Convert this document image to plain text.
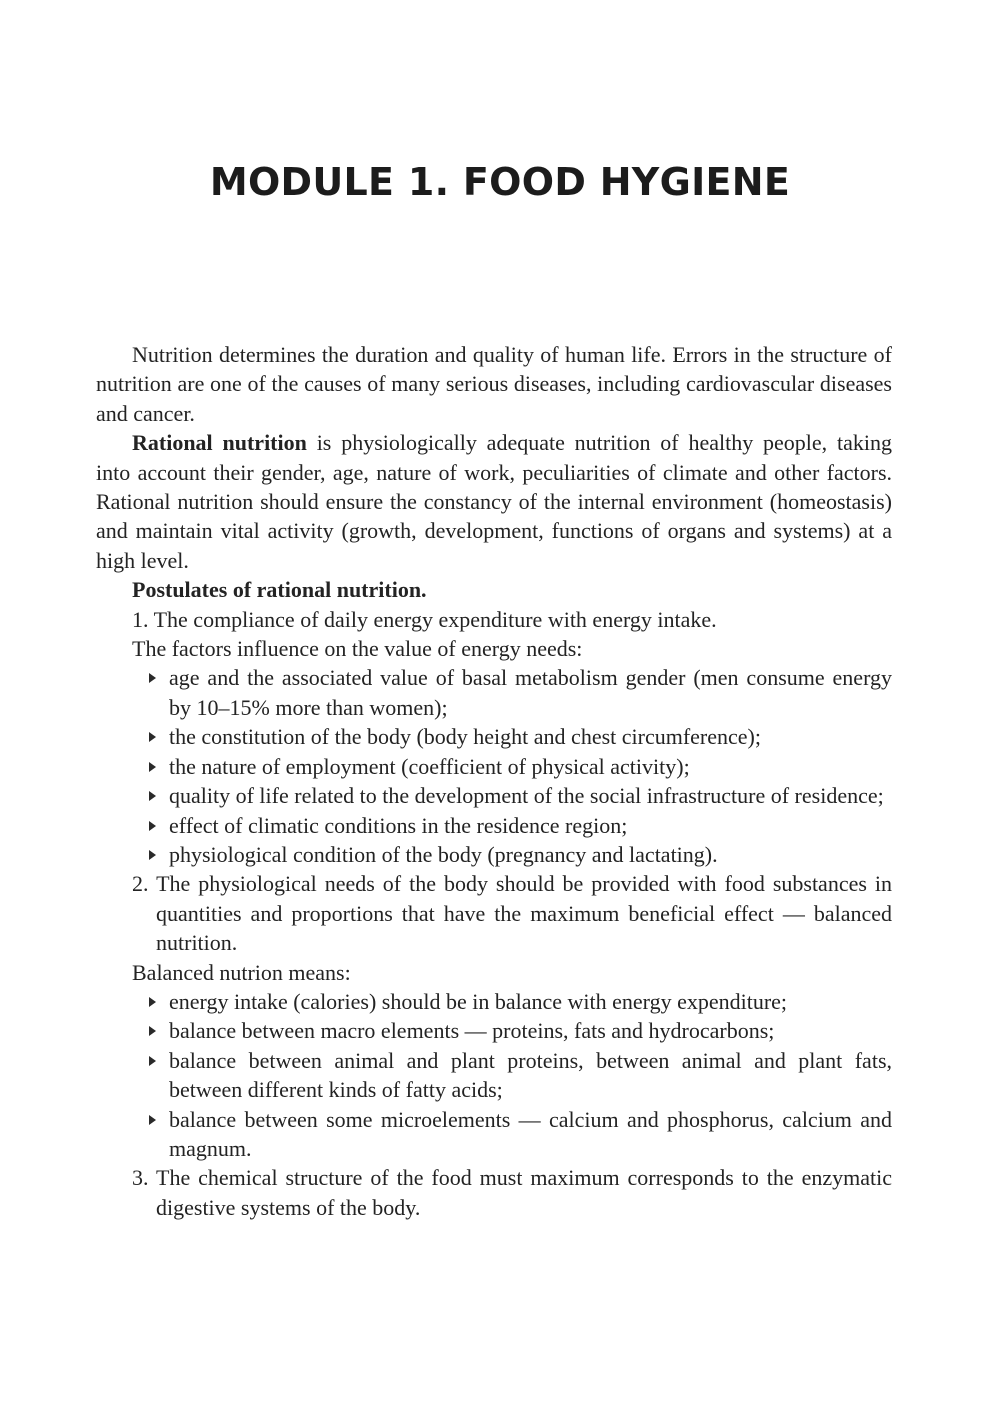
MODULE 1. FOOD HYGIENE

Nutrition determines the duration and quality of human life. Errors in the structure of nutrition are one of the causes of many serious diseases, including cardiovascular diseases and cancer.

Rational nutrition is physiologically adequate nutrition of healthy people, taking into account their gender, age, nature of work, peculiarities of climate and other factors. Rational nutrition should ensure the constancy of the internal environment (homeostasis) and maintain vital activity (growth, development, functions of organs and systems) at a high level.

Postulates of rational nutrition.

1. The compliance of daily energy expenditure with energy intake.

The factors influence on the value of energy needs:

age and the associated value of basal metabolism gender (men consume energy by 10–15% more than women);
the constitution of the body (body height and chest circumference);
the nature of employment (coefficient of physical activity);
quality of life related to the development of the social infrastructure of residence;
effect of climatic conditions in the residence region;
physiological condition of the body (pregnancy and lactating).

2. The physiological needs of the body should be provided with food substances in quantities and proportions that have the maximum beneficial effect — balanced nutrition.

Balanced nutrion means:

energy intake (calories) should be in balance with energy expenditure;
balance between macro elements — proteins, fats and hydrocarbons;
balance between animal and plant proteins, between animal and plant fats, between different kinds of fatty acids;
balance between some microelements — calcium and phosphorus, calcium and magnum.

3. The chemical structure of the food must maximum corresponds to the enzymatic digestive systems of the body.
